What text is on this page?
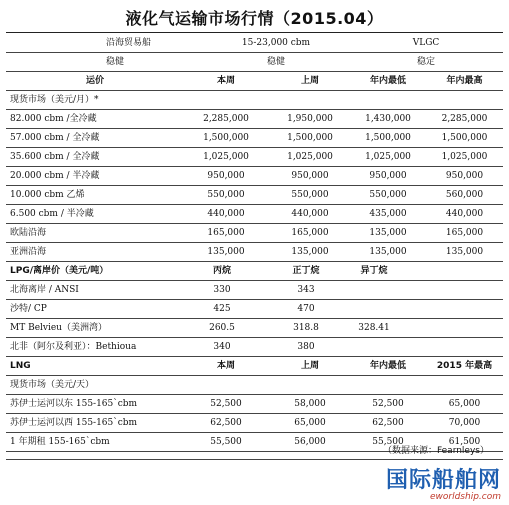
液化气运输市场行情（2015.04）
沿海贸易船	15-23,000 cbm	VLGC
稳健	稳健	稳定
运价	本周	上周	年内最低	年内最高
现货市场（美元/月）*
82.000 cbm /全冷藏	2,285,000	1,950,000	1,430,000	2,285,000
57.000 cbm / 全冷藏	1,500,000	1,500,000	1,500,000	1,500,000
35.600 cbm / 全冷藏	1,025,000	1,025,000	1,025,000	1,025,000
20.000 cbm / 半冷藏	950,000	950,000	950,000	950,000
10.000 cbm 乙烯	550,000	550,000	550,000	560,000
6.500 cbm / 半冷藏	440,000	440,000	435,000	440,000
欧陆沿海	165,000	165,000	135,000	165,000
亚洲沿海	135,000	135,000	135,000	135,000
LPG/离岸价（美元/吨）	丙烷	正丁烷	异丁烷
北海离岸 / ANSI	330	343
沙特/ CP	425	470
MT Belvieu（美洲湾）	260.5	318.8	328.41
北非（阿尔及利亚）：Bethioua	340	380
LNG	本周	上周	年内最低	2015 年最高
现货市场（美元/天）
苏伊士运河以东 155-165`cbm	52,500	58,000	52,500	65,000
苏伊士运河以西 155-165`cbm	62,500	65,000	62,500	70,000
1 年期租 155-165`cbm	55,500	56,000	55,500	61,500
（数据来源：Fearnleys）
国际船舶网
eworldship.com
